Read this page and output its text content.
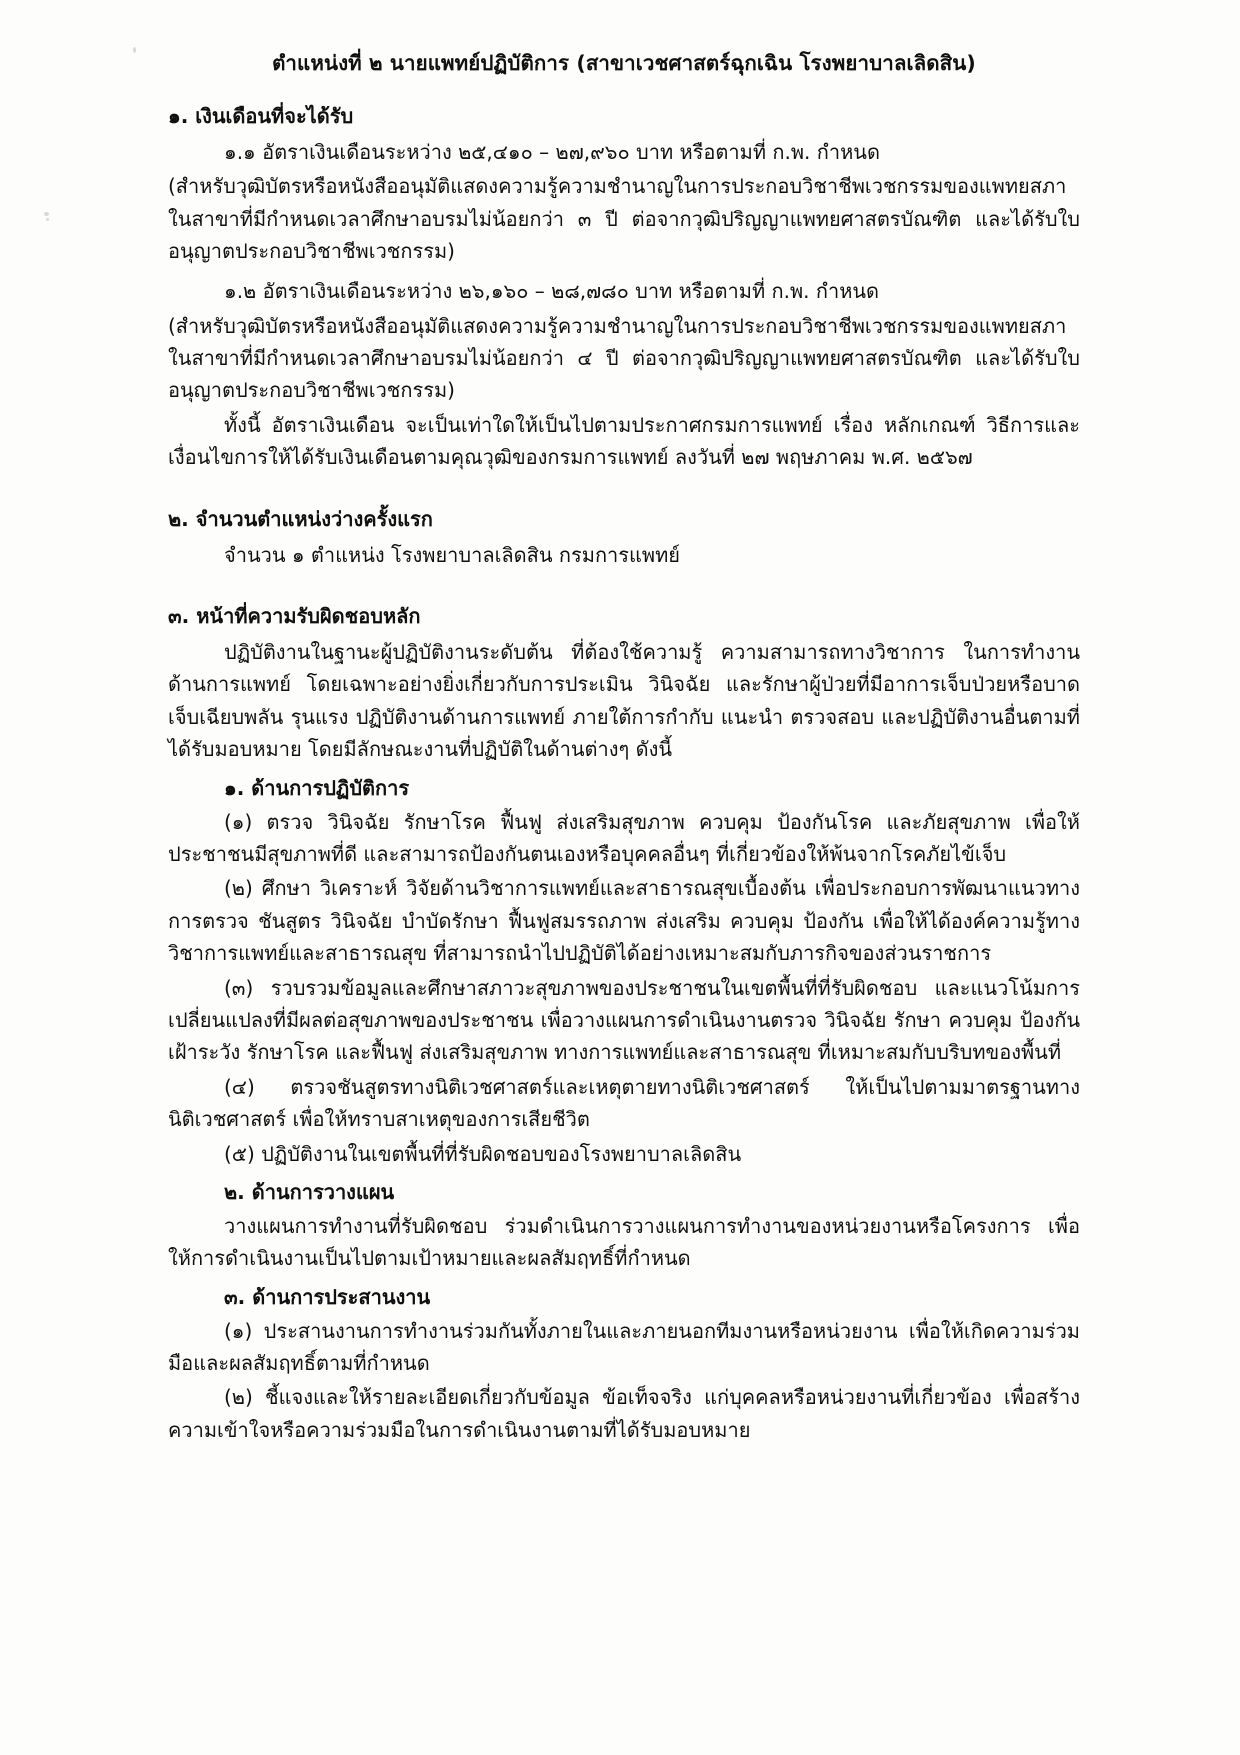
ตำแหน่งที่ ๒ นายแพทย์ปฏิบัติการ (สาขาเวชศาสตร์ฉุกเฉิน โรงพยาบาลเลิดสิน)
๑. เงินเดือนที่จะได้รับ

๑.๑ อัตราเงินเดือนระหว่าง ๒๕,๔๑๐ – ๒๗,๙๖๐ บาท หรือตามที่ ก.พ. กำหนด

(สำหรับวุฒิบัตรหรือหนังสืออนุมัติแสดงความรู้ความชำนาญในการประกอบวิชาชีพเวชกรรมของแพทยสภา ในสาขาที่มีกำหนดเวลาศึกษาอบรมไม่น้อยกว่า ๓ ปี ต่อจากวุฒิปริญญาแพทยศาสตรบัณฑิต และได้รับใบอนุญาตประกอบวิชาชีพเวชกรรม)

๑.๒ อัตราเงินเดือนระหว่าง ๒๖,๑๖๐ – ๒๘,๗๘๐ บาท หรือตามที่ ก.พ. กำหนด

(สำหรับวุฒิบัตรหรือหนังสืออนุมัติแสดงความรู้ความชำนาญในการประกอบวิชาชีพเวชกรรมของแพทยสภา ในสาขาที่มีกำหนดเวลาศึกษาอบรมไม่น้อยกว่า ๔ ปี ต่อจากวุฒิปริญญาแพทยศาสตรบัณฑิต และได้รับใบอนุญาตประกอบวิชาชีพเวชกรรม)

ทั้งนี้ อัตราเงินเดือน จะเป็นเท่าใดให้เป็นไปตามประกาศกรมการแพทย์ เรื่อง หลักเกณฑ์ วิธีการและเงื่อนไขการให้ได้รับเงินเดือนตามคุณวุฒิของกรมการแพทย์ ลงวันที่ ๒๗ พฤษภาคม พ.ศ. ๒๕๖๗

๒. จำนวนตำแหน่งว่างครั้งแรก

จำนวน ๑ ตำแหน่ง โรงพยาบาลเลิดสิน กรมการแพทย์

๓. หน้าที่ความรับผิดชอบหลัก

ปฏิบัติงานในฐานะผู้ปฏิบัติงานระดับต้น ที่ต้องใช้ความรู้ ความสามารถทางวิชาการ ในการทำงานด้านการแพทย์ โดยเฉพาะอย่างยิ่งเกี่ยวกับการประเมิน วินิจฉัย และรักษาผู้ป่วยที่มีอาการเจ็บป่วยหรือบาดเจ็บเฉียบพลัน รุนแรง ปฏิบัติงานด้านการแพทย์ ภายใต้การกำกับ แนะนำ ตรวจสอบ และปฏิบัติงานอื่นตามที่ได้รับมอบหมาย โดยมีลักษณะงานที่ปฏิบัติในด้านต่างๆ ดังนี้

๑. ด้านการปฏิบัติการ

(๑) ตรวจ วินิจฉัย รักษาโรค ฟื้นฟู ส่งเสริมสุขภาพ ควบคุม ป้องกันโรค และภัยสุขภาพ เพื่อให้ประชาชนมีสุขภาพที่ดี และสามารถป้องกันตนเองหรือบุคคลอื่นๆ ที่เกี่ยวข้องให้พ้นจากโรคภัยไข้เจ็บ

(๒) ศึกษา วิเคราะห์ วิจัยด้านวิชาการแพทย์และสาธารณสุขเบื้องต้น เพื่อประกอบการพัฒนาแนวทางการตรวจ ชันสูตร วินิจฉัย บำบัดรักษา ฟื้นฟูสมรรถภาพ ส่งเสริม ควบคุม ป้องกัน เพื่อให้ได้องค์ความรู้ทางวิชาการแพทย์และสาธารณสุข ที่สามารถนำไปปฏิบัติได้อย่างเหมาะสมกับภารกิจของส่วนราชการ

(๓) รวบรวมข้อมูลและศึกษาสภาวะสุขภาพของประชาชนในเขตพื้นที่ที่รับผิดชอบ และแนวโน้มการเปลี่ยนแปลงที่มีผลต่อสุขภาพของประชาชน เพื่อวางแผนการดำเนินงานตรวจ วินิจฉัย รักษา ควบคุม ป้องกัน เฝ้าระวัง รักษาโรค และฟื้นฟู ส่งเสริมสุขภาพ ทางการแพทย์และสาธารณสุข ที่เหมาะสมกับบริบทของพื้นที่

(๔) ตรวจชันสูตรทางนิติเวชศาสตร์และเหตุตายทางนิติเวชศาสตร์ ให้เป็นไปตามมาตรฐานทางนิติเวชศาสตร์ เพื่อให้ทราบสาเหตุของการเสียชีวิต

(๕) ปฏิบัติงานในเขตพื้นที่ที่รับผิดชอบของโรงพยาบาลเลิดสิน

๒. ด้านการวางแผน

วางแผนการทำงานที่รับผิดชอบ ร่วมดำเนินการวางแผนการทำงานของหน่วยงานหรือโครงการ เพื่อให้การดำเนินงานเป็นไปตามเป้าหมายและผลสัมฤทธิ์ที่กำหนด

๓. ด้านการประสานงาน

(๑) ประสานงานการทำงานร่วมกันทั้งภายในและภายนอกทีมงานหรือหน่วยงาน เพื่อให้เกิดความร่วมมือและผลสัมฤทธิ์ตามที่กำหนด

(๒) ชี้แจงและให้รายละเอียดเกี่ยวกับข้อมูล ข้อเท็จจริง แก่บุคคลหรือหน่วยงานที่เกี่ยวข้อง เพื่อสร้างความเข้าใจหรือความร่วมมือในการดำเนินงานตามที่ได้รับมอบหมาย
